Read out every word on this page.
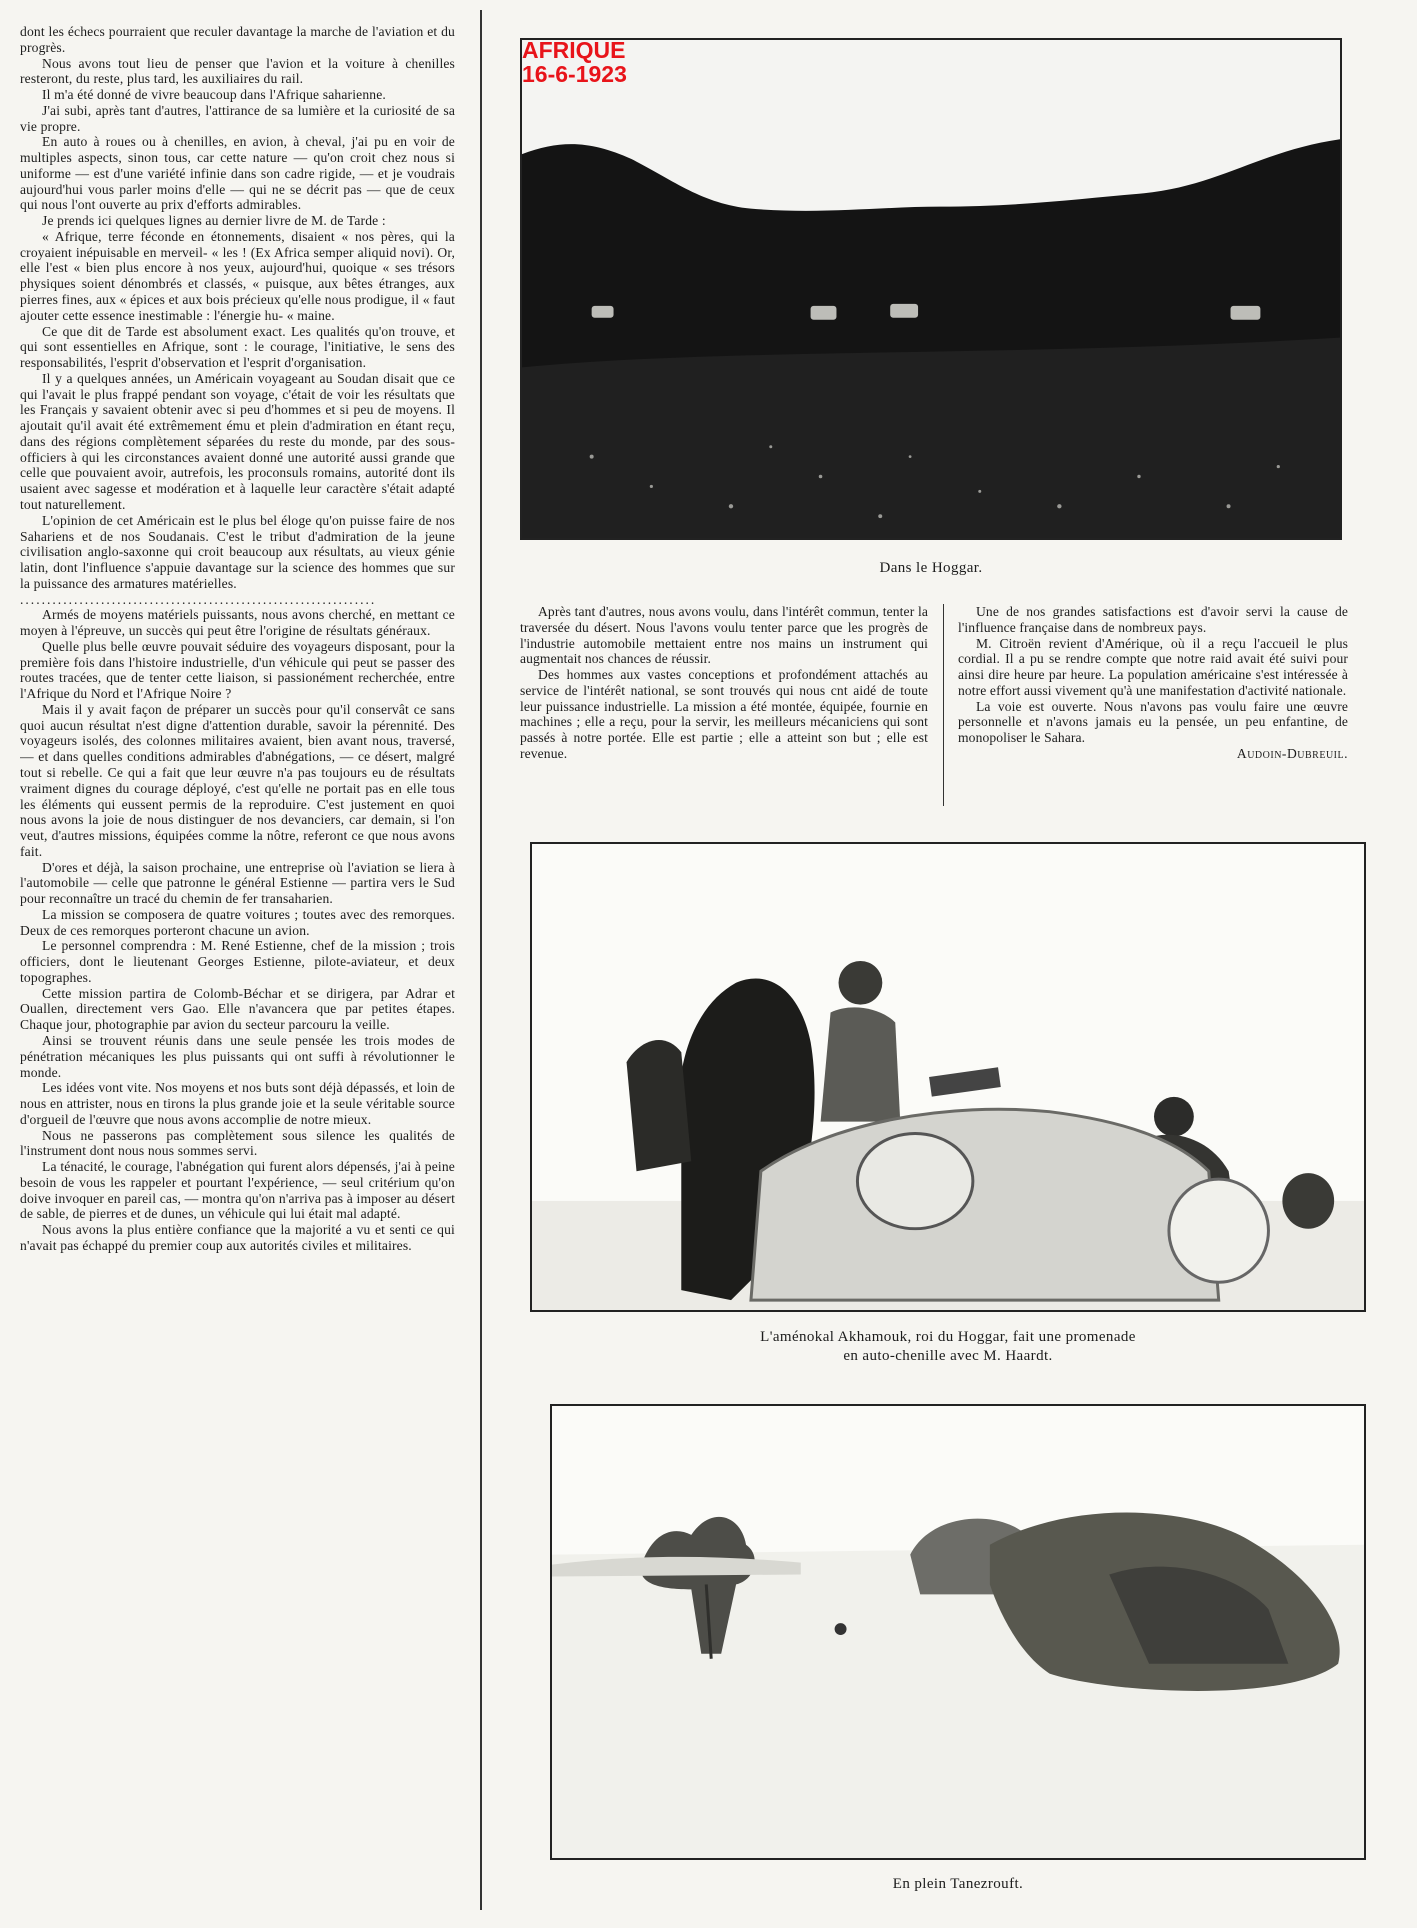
dont les échecs pourraient que reculer davantage la marche de l'aviation et du progrès.

Nous avons tout lieu de penser que l'avion et la voiture à chenilles resteront, du reste, plus tard, les auxiliaires du rail.

Il m'a été donné de vivre beaucoup dans l'Afrique saharienne.

J'ai subi, après tant d'autres, l'attirance de sa lumière et la curiosité de sa vie propre.

En auto à roues ou à chenilles, en avion, à cheval, j'ai pu en voir de multiples aspects, sinon tous, car cette nature — qu'on croit chez nous si uniforme — est d'une variété infinie dans son cadre rigide, — et je voudrais aujourd'hui vous parler moins d'elle — qui ne se décrit pas — que de ceux qui nous l'ont ouverte au prix d'efforts admirables.

Je prends ici quelques lignes au dernier livre de M. de Tarde :

« Afrique, terre féconde en étonnements, disaient « nos pères, qui la croyaient inépuisable en merveil- « les ! (Ex Africa semper aliquid novi). Or, elle l'est « bien plus encore à nos yeux, aujourd'hui, quoique « ses trésors physiques soient dénombrés et classés, « puisque, aux bêtes étranges, aux pierres fines, aux « épices et aux bois précieux qu'elle nous prodigue, il « faut ajouter cette essence inestimable : l'énergie hu- « maine.

Ce que dit de Tarde est absolument exact. Les qualités qu'on trouve, et qui sont essentielles en Afrique, sont : le courage, l'initiative, le sens des responsabilités, l'esprit d'observation et l'esprit d'organisation.

Il y a quelques années, un Américain voyageant au Soudan disait que ce qui l'avait le plus frappé pendant son voyage, c'était de voir les résultats que les Français y savaient obtenir avec si peu d'hommes et si peu de moyens. Il ajoutait qu'il avait été extrêmement ému et plein d'admiration en étant reçu, dans des régions complètement séparées du reste du monde, par des sous-officiers à qui les circonstances avaient donné une autorité aussi grande que celle que pouvaient avoir, autrefois, les proconsuls romains, autorité dont ils usaient avec sagesse et modération et à laquelle leur caractère s'était adapté tout naturellement.

L'opinion de cet Américain est le plus bel éloge qu'on puisse faire de nos Sahariens et de nos Soudanais. C'est le tribut d'admiration de la jeune civilisation anglo-saxonne qui croit beaucoup aux résultats, au vieux génie latin, dont l'influence s'appuie davantage sur la science des hommes que sur la puissance des armatures matérielles.

..................................................................

Armés de moyens matériels puissants, nous avons cherché, en mettant ce moyen à l'épreuve, un succès qui peut être l'origine de résultats généraux.

Quelle plus belle œuvre pouvait séduire des voyageurs disposant, pour la première fois dans l'histoire industrielle, d'un véhicule qui peut se passer des routes tracées, que de tenter cette liaison, si passionément recherchée, entre l'Afrique du Nord et l'Afrique Noire ?

Mais il y avait façon de préparer un succès pour qu'il conservât ce sans quoi aucun résultat n'est digne d'attention durable, savoir la pérennité. Des voyageurs isolés, des colonnes militaires avaient, bien avant nous, traversé, — et dans quelles conditions admirables d'abnégations, — ce désert, malgré tout si rebelle. Ce qui a fait que leur œuvre n'a pas toujours eu de résultats vraiment dignes du courage déployé, c'est qu'elle ne portait pas en elle tous les éléments qui eussent permis de la reproduire. C'est justement en quoi nous avons la joie de nous distinguer de nos devanciers, car demain, si l'on veut, d'autres missions, équipées comme la nôtre, referont ce que nous avons fait.

D'ores et déjà, la saison prochaine, une entreprise où l'aviation se liera à l'automobile — celle que patronne le général Estienne — partira vers le Sud pour reconnaître un tracé du chemin de fer transaharien.

La mission se composera de quatre voitures ; toutes avec des remorques. Deux de ces remorques porteront chacune un avion.

Le personnel comprendra : M. René Estienne, chef de la mission ; trois officiers, dont le lieutenant Georges Estienne, pilote-aviateur, et deux topographes.

Cette mission partira de Colomb-Béchar et se dirigera, par Adrar et Ouallen, directement vers Gao. Elle n'avancera que par petites étapes. Chaque jour, photographie par avion du secteur parcouru la veille.

Ainsi se trouvent réunis dans une seule pensée les trois modes de pénétration mécaniques les plus puissants qui ont suffi à révolutionner le monde.

Les idées vont vite. Nos moyens et nos buts sont déjà dépassés, et loin de nous en attrister, nous en tirons la plus grande joie et la seule véritable source d'orgueil de l'œuvre que nous avons accomplie de notre mieux.

Nous ne passerons pas complètement sous silence les qualités de l'instrument dont nous nous sommes servi.

La ténacité, le courage, l'abnégation qui furent alors dépensés, j'ai à peine besoin de vous les rappeler et pourtant l'expérience, — seul critérium qu'on doive invoquer en pareil cas, — montra qu'on n'arriva pas à imposer au désert de sable, de pierres et de dunes, un véhicule qui lui était mal adapté.

Nous avons la plus entière confiance que la majorité a vu et senti ce qui n'avait pas échappé du premier coup aux autorités civiles et militaires.

AFRIQUE
16-6-1923
Dans le Hoggar.

Après tant d'autres, nous avons voulu, dans l'intérêt commun, tenter la traversée du désert. Nous l'avons voulu tenter parce que les progrès de l'industrie automobile mettaient entre nos mains un instrument qui augmentait nos chances de réussir.

Des hommes aux vastes conceptions et profondément attachés au service de l'intérêt national, se sont trouvés qui nous cnt aidé de toute leur puissance industrielle. La mission a été montée, équipée, fournie en machines ; elle a reçu, pour la servir, les meilleurs mécaniciens qui sont passés à notre portée. Elle est partie ; elle a atteint son but ; elle est revenue.

Une de nos grandes satisfactions est d'avoir servi la cause de l'influence française dans de nombreux pays.

M. Citroën revient d'Amérique, où il a reçu l'accueil le plus cordial. Il a pu se rendre compte que notre raid avait été suivi pour ainsi dire heure par heure. La population américaine s'est intéressée à notre effort aussi vivement qu'à une manifestation d'activité nationale.

La voie est ouverte. Nous n'avons pas voulu faire une œuvre personnelle et n'avons jamais eu la pensée, un peu enfantine, de monopoliser le Sahara.

Audoin-Dubreuil.

L'aménokal Akhamouk, roi du Hoggar, fait une promenade
en auto-chenille avec M. Haardt.
En plein Tanezrouft.
